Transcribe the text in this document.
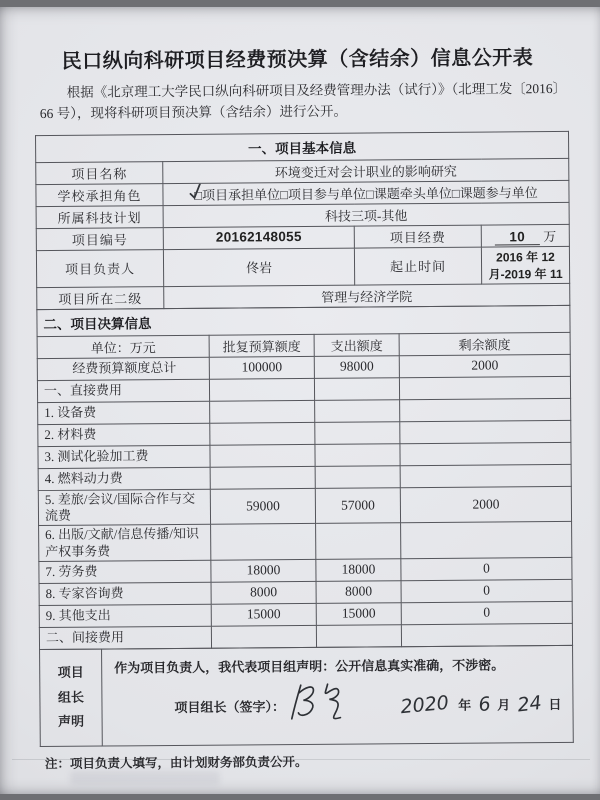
民口纵向科研项目经费预决算（含结余）信息公开表
根据《北京理工大学民口纵向科研项目及经费管理办法（试行）》（北理工发〔2016〕66 号），现将科研项目预决算（含结余）进行公开。
一、项目基本信息			
项目名称	环境变迁对会计职业的影响研究		
学校承担角色	□项目承担单位□项目参与单位□课题牵头单位□课题参与单位		
所属科技计划	科技三项-其他		
项目编号	20162148055	项目经费	10 万
项目负责人	佟岩	起止时间	2016 年 12 月-2019 年 11
项目所在二级	管理与经济学院		
二、项目决算信息			
单位：万元	批复预算额度	支出额度	剩余额度
经费预算额度总计	100000	98000	2000
一、直接费用			
1. 设备费			
2. 材料费			
3. 测试化验加工费			
4. 燃料动力费			
5. 差旅/会议/国际合作与交流费	59000	57000	2000
6. 出版/文献/信息传播/知识产权事务费			
7. 劳务费	18000	18000	0
8. 专家咨询费	8000	8000	0
9. 其他支出	15000	15000	0
二、间接费用			
项目
组长
声明

作为项目负责人，我代表项目组声明：公开信息真实准确，不涉密。
项目组长（签字）：	2020 年 6 月 24 日
注：项目负责人填写，由计划财务部负责公开。
